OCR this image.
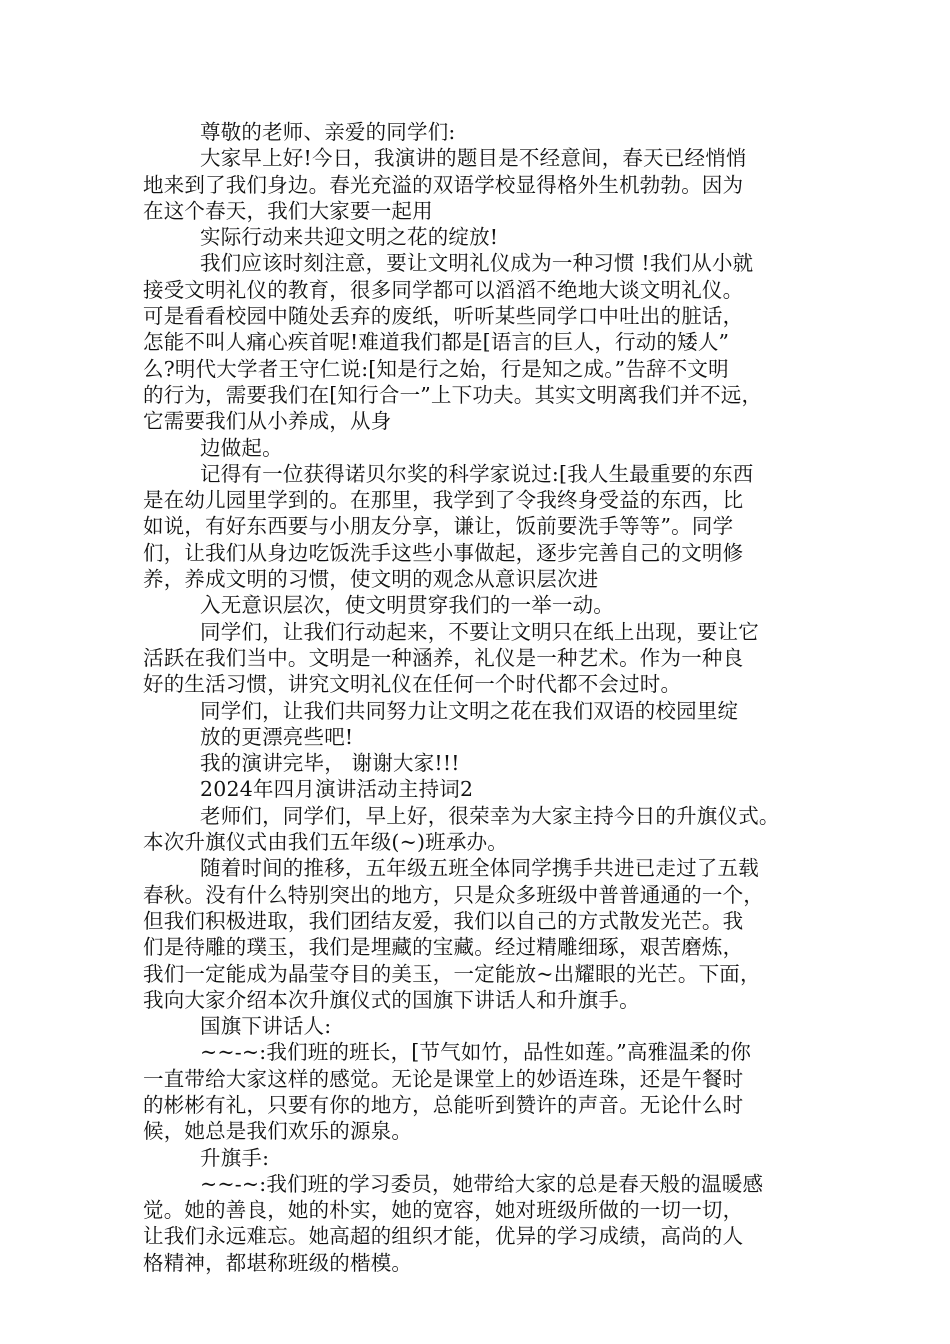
尊敬的老师、亲爱的同学们:
大家早上好!今日，我演讲的题目是不经意间，春天已经悄悄
地来到了我们身边。春光充溢的双语学校显得格外生机勃勃。因为
在这个春天，我们大家要一起用
实际行动来共迎文明之花的绽放!
我们应该时刻注意，要让文明礼仪成为一种习惯 !我们从小就
接受文明礼仪的教育，很多同学都可以滔滔不绝地大谈文明礼仪。
可是看看校园中随处丢弃的废纸，听听某些同学口中吐出的脏话，
怎能不叫人痛心疾首呢!难道我们都是[语言的巨人，行动的矮人”
么?明代大学者王守仁说:[知是行之始，行是知之成。”告辞不文明
的行为，需要我们在[知行合一”上下功夫。其实文明离我们并不远，
它需要我们从小养成，从身
边做起。
记得有一位获得诺贝尔奖的科学家说过:[我人生最重要的东西
是在幼儿园里学到的。在那里，我学到了令我终身受益的东西，比
如说，有好东西要与小朋友分享，谦让，饭前要洗手等等”。同学
们，让我们从身边吃饭洗手这些小事做起，逐步完善自己的文明修
养，养成文明的习惯，使文明的观念从意识层次进
入无意识层次，使文明贯穿我们的一举一动。
同学们，让我们行动起来，不要让文明只在纸上出现，要让它
活跃在我们当中。文明是一种涵养，礼仪是一种艺术。作为一种良
好的生活习惯，讲究文明礼仪在任何一个时代都不会过时。
同学们，让我们共同努力让文明之花在我们双语的校园里绽
放的更漂亮些吧!
我的演讲完毕， 谢谢大家!!!
2024年四月演讲活动主持词2
老师们，同学们，早上好，很荣幸为大家主持今日的升旗仪式。
本次升旗仪式由我们五年级(~)班承办。
随着时间的推移，五年级五班全体同学携手共进已走过了五载
春秋。没有什么特别突出的地方，只是众多班级中普普通通的一个，
但我们积极进取，我们团结友爱，我们以自己的方式散发光芒。我
们是待雕的璞玉，我们是埋藏的宝藏。经过精雕细琢，艰苦磨炼，
我们一定能成为晶莹夺目的美玉，一定能放~出耀眼的光芒。下面，
我向大家介绍本次升旗仪式的国旗下讲话人和升旗手。
国旗下讲话人:
~~-~:我们班的班长，[节气如竹，品性如莲。”高雅温柔的你
一直带给大家这样的感觉。无论是课堂上的妙语连珠，还是午餐时
的彬彬有礼，只要有你的地方，总能听到赞许的声音。无论什么时
候，她总是我们欢乐的源泉。
升旗手:
~~-~:我们班的学习委员，她带给大家的总是春天般的温暖感
觉。她的善良，她的朴实，她的宽容，她对班级所做的一切一切，
让我们永远难忘。她高超的组织才能，优异的学习成绩，高尚的人
格精神，都堪称班级的楷模。
